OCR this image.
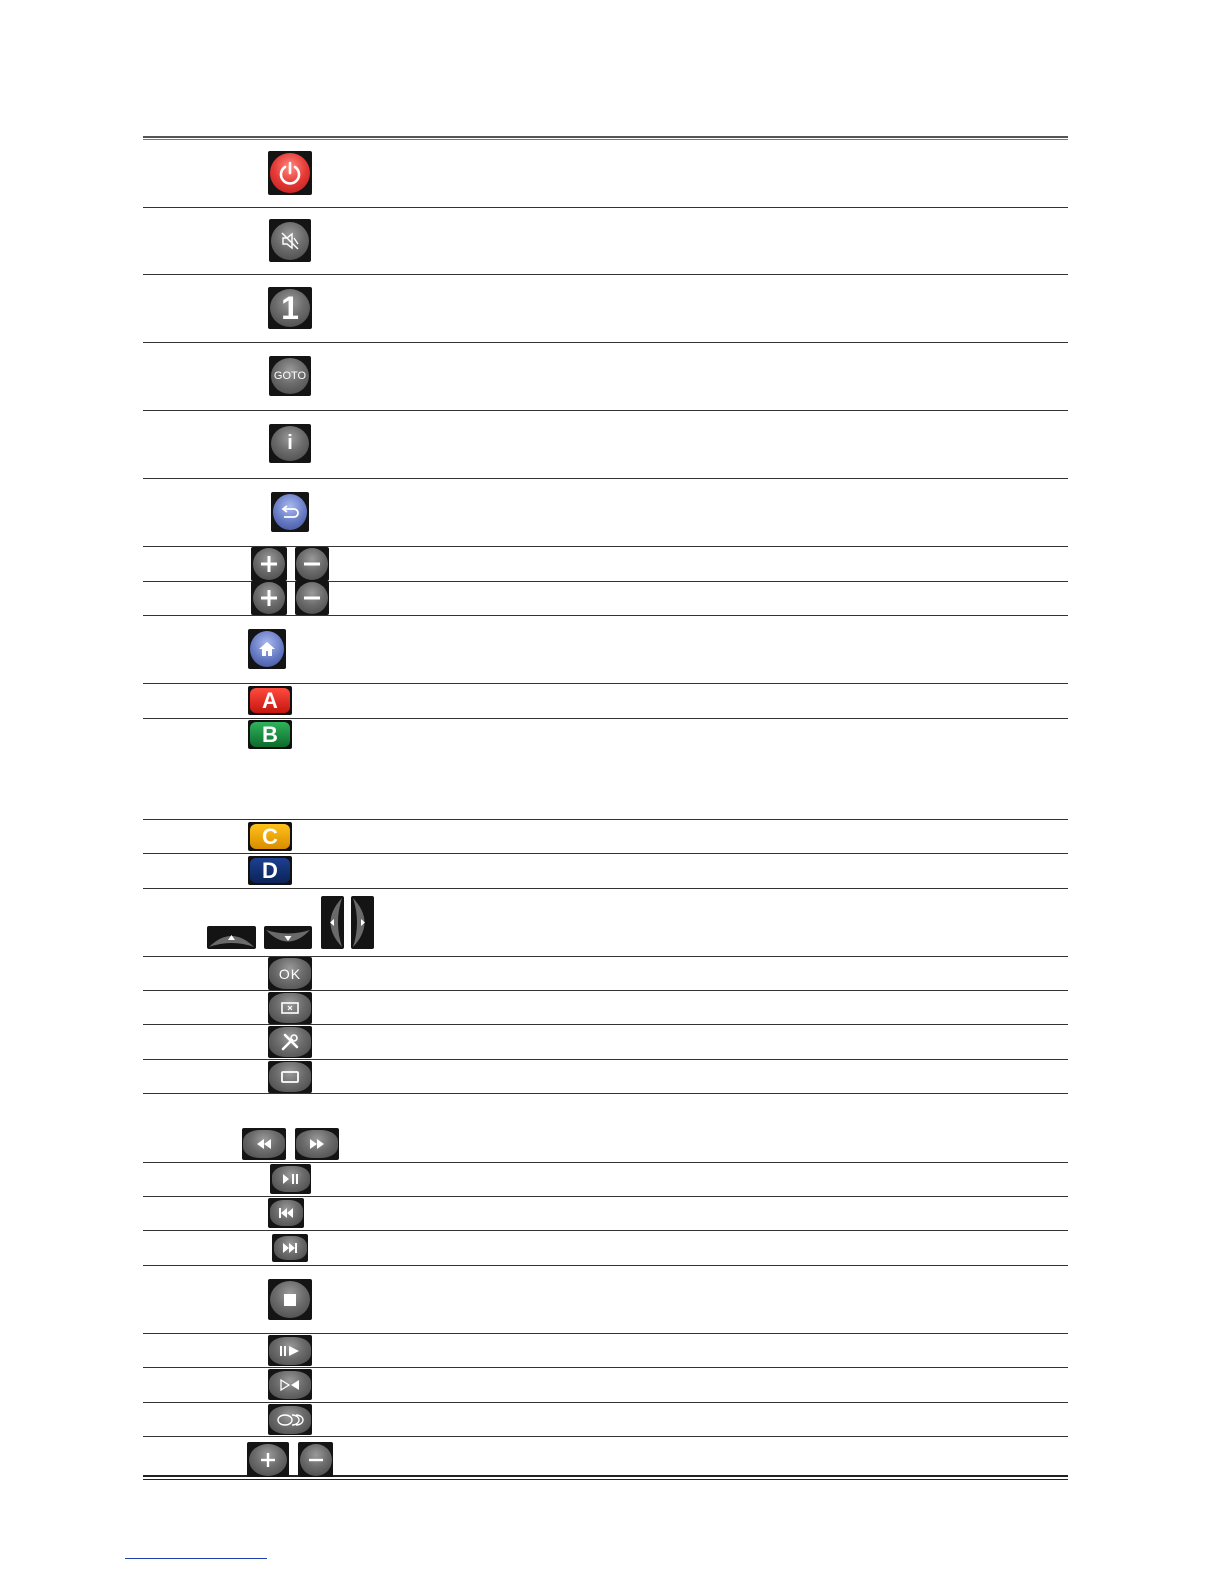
1
GOTO
i
A
B
C
D
OK
